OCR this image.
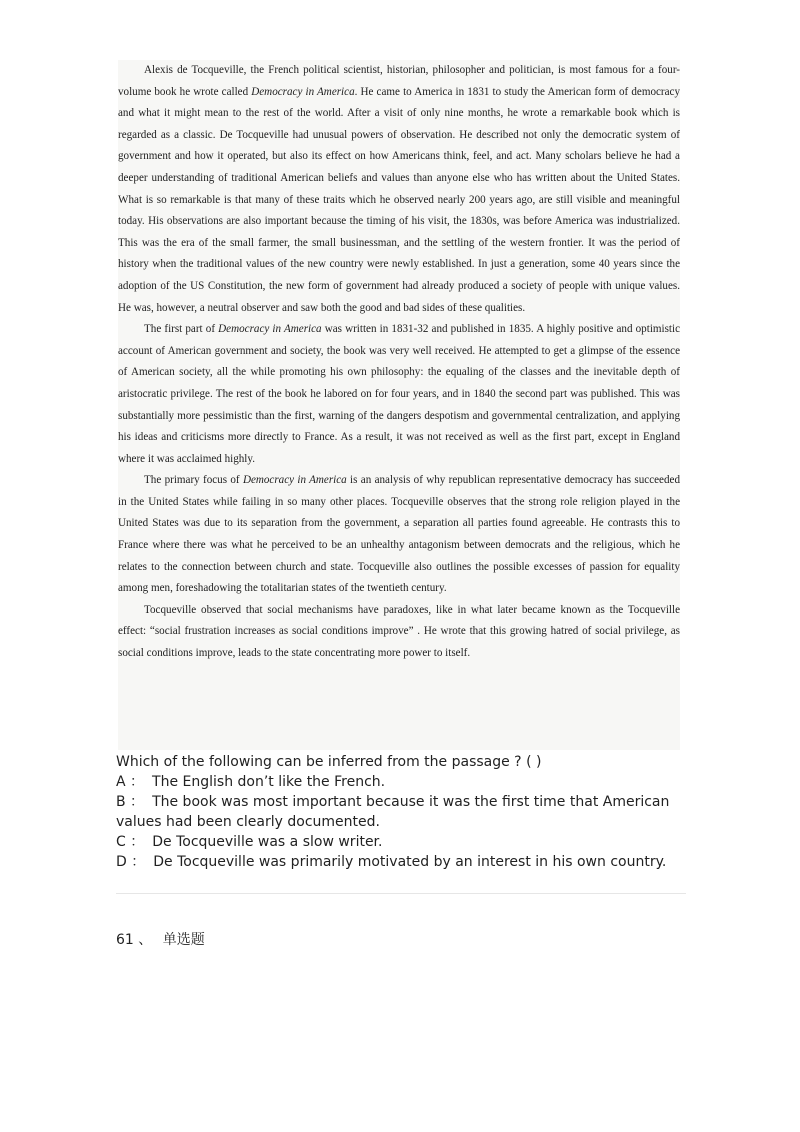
Alexis de Tocqueville, the French political scientist, historian, philosopher and politician, is most famous for a four-volume book he wrote called Democracy in America. He came to America in 1831 to study the American form of democracy and what it might mean to the rest of the world. After a visit of only nine months, he wrote a remarkable book which is regarded as a classic. De Tocqueville had unusual powers of observation. He described not only the democratic system of government and how it operated, but also its effect on how Americans think, feel, and act. Many scholars believe he had a deeper understanding of traditional American beliefs and values than anyone else who has written about the United States. What is so remarkable is that many of these traits which he observed nearly 200 years ago, are still visible and meaningful today. His observations are also important because the timing of his visit, the 1830s, was before America was industrialized. This was the era of the small farmer, the small businessman, and the settling of the western frontier. It was the period of history when the traditional values of the new country were newly established. In just a generation, some 40 years since the adoption of the US Constitution, the new form of government had already produced a society of people with unique values. He was, however, a neutral observer and saw both the good and bad sides of these qualities.

The first part of Democracy in America was written in 1831-32 and published in 1835. A highly positive and optimistic account of American government and society, the book was very well received. He attempted to get a glimpse of the essence of American society, all the while promoting his own philosophy: the equaling of the classes and the inevitable depth of aristocratic privilege. The rest of the book he labored on for four years, and in 1840 the second part was published. This was substantially more pessimistic than the first, warning of the dangers despotism and governmental centralization, and applying his ideas and criticisms more directly to France. As a result, it was not received as well as the first part, except in England where it was acclaimed highly.

The primary focus of Democracy in America is an analysis of why republican representative democracy has succeeded in the United States while failing in so many other places. Tocqueville observes that the strong role religion played in the United States was due to its separation from the government, a separation all parties found agreeable. He contrasts this to France where there was what he perceived to be an unhealthy antagonism between democrats and the religious, which he relates to the connection between church and state. Tocqueville also outlines the possible excesses of passion for equality among men, foreshadowing the totalitarian states of the twentieth century.

Tocqueville observed that social mechanisms have paradoxes, like in what later became known as the Tocqueville effect: “social frustration increases as social conditions improve” . He wrote that this growing hatred of social privilege, as social conditions improve, leads to the state concentrating more power to itself.

Which of the following can be inferred from the passage ? ( )
A ： The English don’t like the French.
B ： The book was most important because it was the first time that American values had been clearly documented.
C ： De Tocqueville was a slow writer.
D ： De Tocqueville was primarily motivated by an interest in his own country.
61 、 单选题
